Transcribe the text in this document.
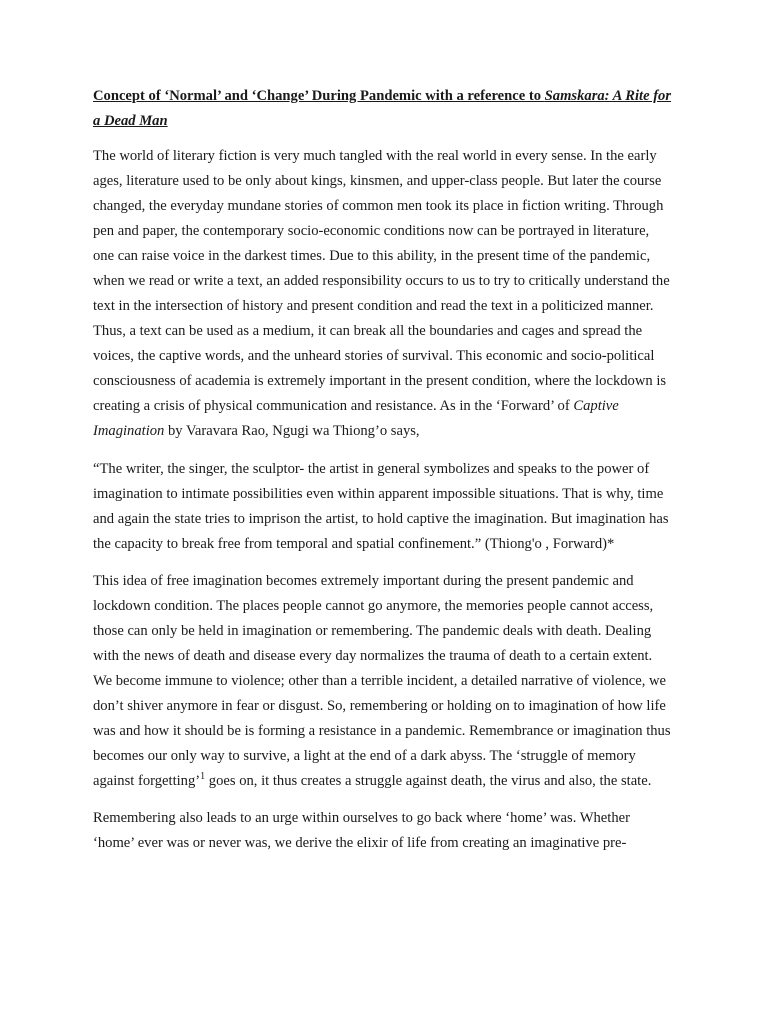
Concept of ‘Normal’ and ‘Change’ During Pandemic with a reference to Samskara: A Rite for a Dead Man

The world of literary fiction is very much tangled with the real world in every sense. In the early ages, literature used to be only about kings, kinsmen, and upper-class people. But later the course changed, the everyday mundane stories of common men took its place in fiction writing. Through pen and paper, the contemporary socio-economic conditions now can be portrayed in literature, one can raise voice in the darkest times. Due to this ability, in the present time of the pandemic, when we read or write a text, an added responsibility occurs to us to try to critically understand the text in the intersection of history and present condition and read the text in a politicized manner. Thus, a text can be used as a medium, it can break all the boundaries and cages and spread the voices, the captive words, and the unheard stories of survival. This economic and socio-political consciousness of academia is extremely important in the present condition, where the lockdown is creating a crisis of physical communication and resistance. As in the ‘Forward’ of Captive Imagination by Varavara Rao, Ngugi wa Thiong’o says,

“The writer, the singer, the sculptor- the artist in general symbolizes and speaks to the power of imagination to intimate possibilities even within apparent impossible situations. That is why, time and again the state tries to imprison the artist, to hold captive the imagination. But imagination has the capacity to break free from temporal and spatial confinement.” (Thiong'o , Forward)*

This idea of free imagination becomes extremely important during the present pandemic and lockdown condition. The places people cannot go anymore, the memories people cannot access, those can only be held in imagination or remembering. The pandemic deals with death. Dealing with the news of death and disease every day normalizes the trauma of death to a certain extent. We become immune to violence; other than a terrible incident, a detailed narrative of violence, we don’t shiver anymore in fear or disgust. So, remembering or holding on to imagination of how life was and how it should be is forming a resistance in a pandemic. Remembrance or imagination thus becomes our only way to survive, a light at the end of a dark abyss. The ‘struggle of memory against forgetting’$^1$ goes on, it thus creates a struggle against death, the virus and also, the state.

Remembering also leads to an urge within ourselves to go back where ‘home’ was. Whether ‘home’ ever was or never was, we derive the elixir of life from creating an imaginative pre-
